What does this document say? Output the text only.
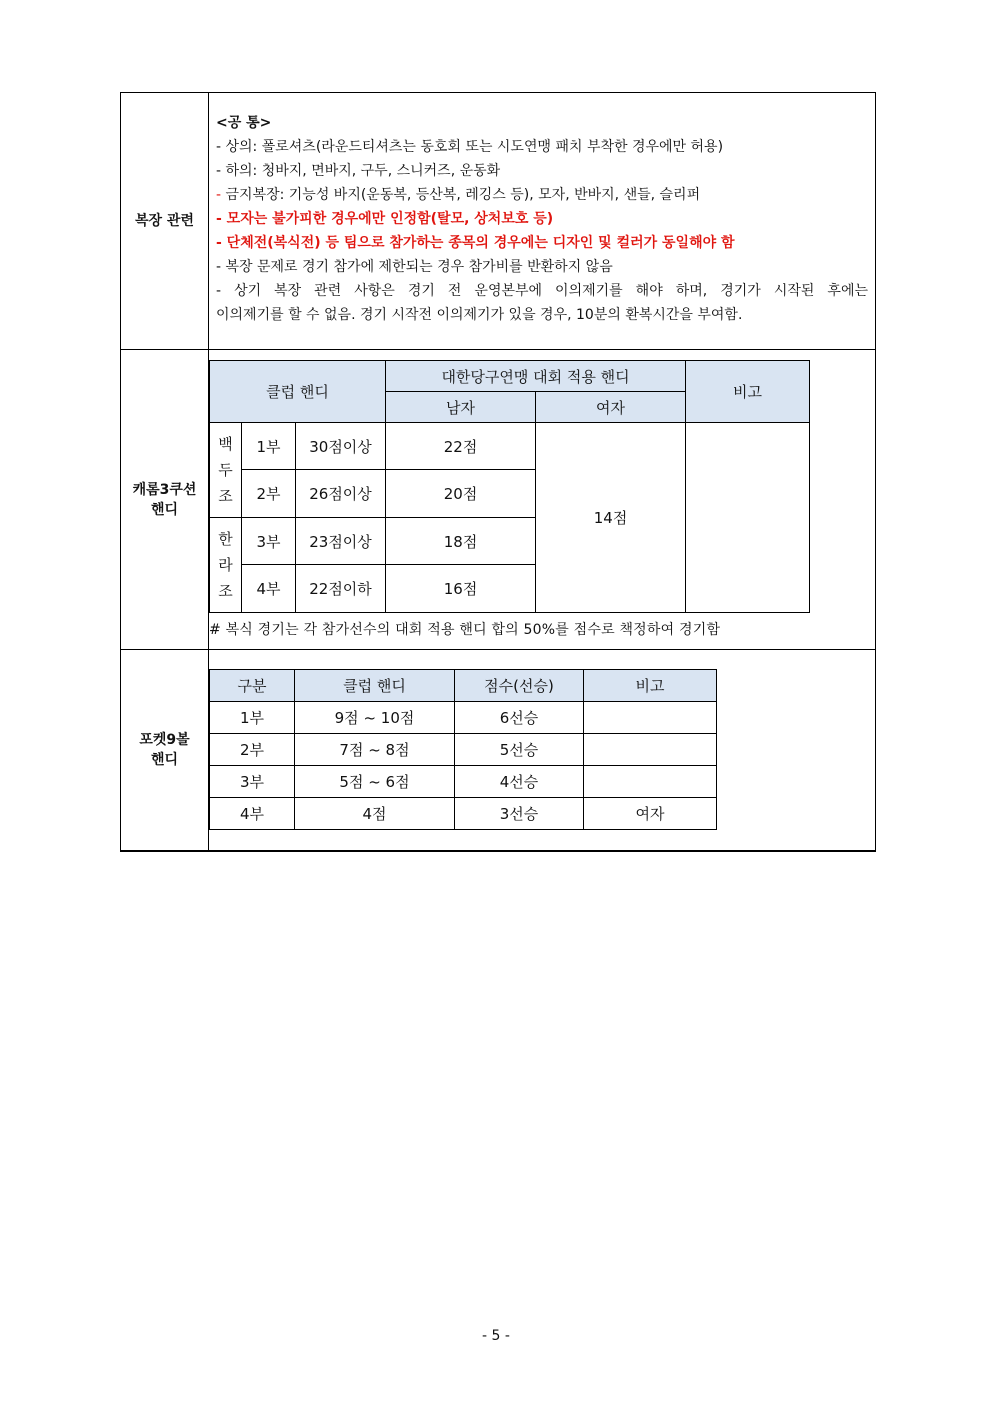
복장 관련	
<공 통>
- 상의: 폴로셔츠(라운드티셔츠는 동호회 또는 시도연맹 패치 부착한 경우에만 허용)
- 하의: 청바지, 면바지, 구두, 스니커즈, 운동화
- 금지복장: 기능성 바지(운동복, 등산복, 레깅스 등), 모자, 반바지, 샌들, 슬리퍼
- 모자는 불가피한 경우에만 인정함(탈모, 상처보호 등)
- 단체전(복식전) 등 팀으로 참가하는 종목의 경우에는 디자인 및 컬러가 동일해야 함
- 복장 문제로 경기 참가에 제한되는 경우 참가비를 반환하지 않음
- 상기 복장 관련 사항은 경기 전 운영본부에 이의제기를 해야 하며, 경기가 시작된 후에는
이의제기를 할 수 없음. 경기 시작전 이의제기가 있을 경우, 10분의 환복시간을 부여함.

캐롬3쿠션
핸디

클럽 핸디	대한당구연맹 대회 적용 핸디	비고
남자	여자

백
두
조
	1부	30점이상	22점	14점	
2부	26점이상	20점

한
라
조
	3부	23점이상	18점
4부	22점이하	16점
# 복식 경기는 각 참가선수의 대회 적용 핸디 합의 50%를 점수로 책정하여 경기함

포켓9볼
핸디

구분	클럽 핸디	점수(선승)	비고
1부	9점 ~ 10점	6선승	
2부	7점 ~ 8점	5선승	
3부	5점 ~ 6점	4선승	
4부	4점	3선승	여자
- 5 -
